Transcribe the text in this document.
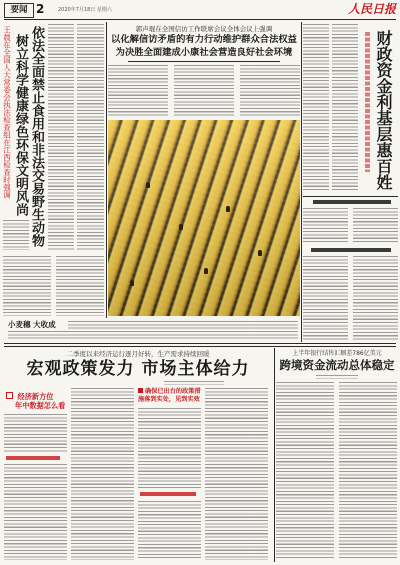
要闻 2	2020年7月18日 星期六	人民日报
王晨在全国人大常委会执法检查组在江西检查时强调 树立科学健康绿色环保文明风尚 依法全面禁止食用和非法交易野生动物	郭声琨在全国信访工作联席会议全体会议上强调
以化解信访矛盾的有力行动维护群众合法权益
为决胜全面建成小康社会营造良好社会环境
小麦穗 大收成
财政资金利基层惠百姓
二季度以来经济运行逐月好转，生产需求持续回暖
宏观政策发力 市场主体给力
经济新方位
年中数据怎么看
确保已出台的政策措施落到实处，见到实效
上半年银行结售汇顺差786亿美元
跨境资金流动总体稳定
